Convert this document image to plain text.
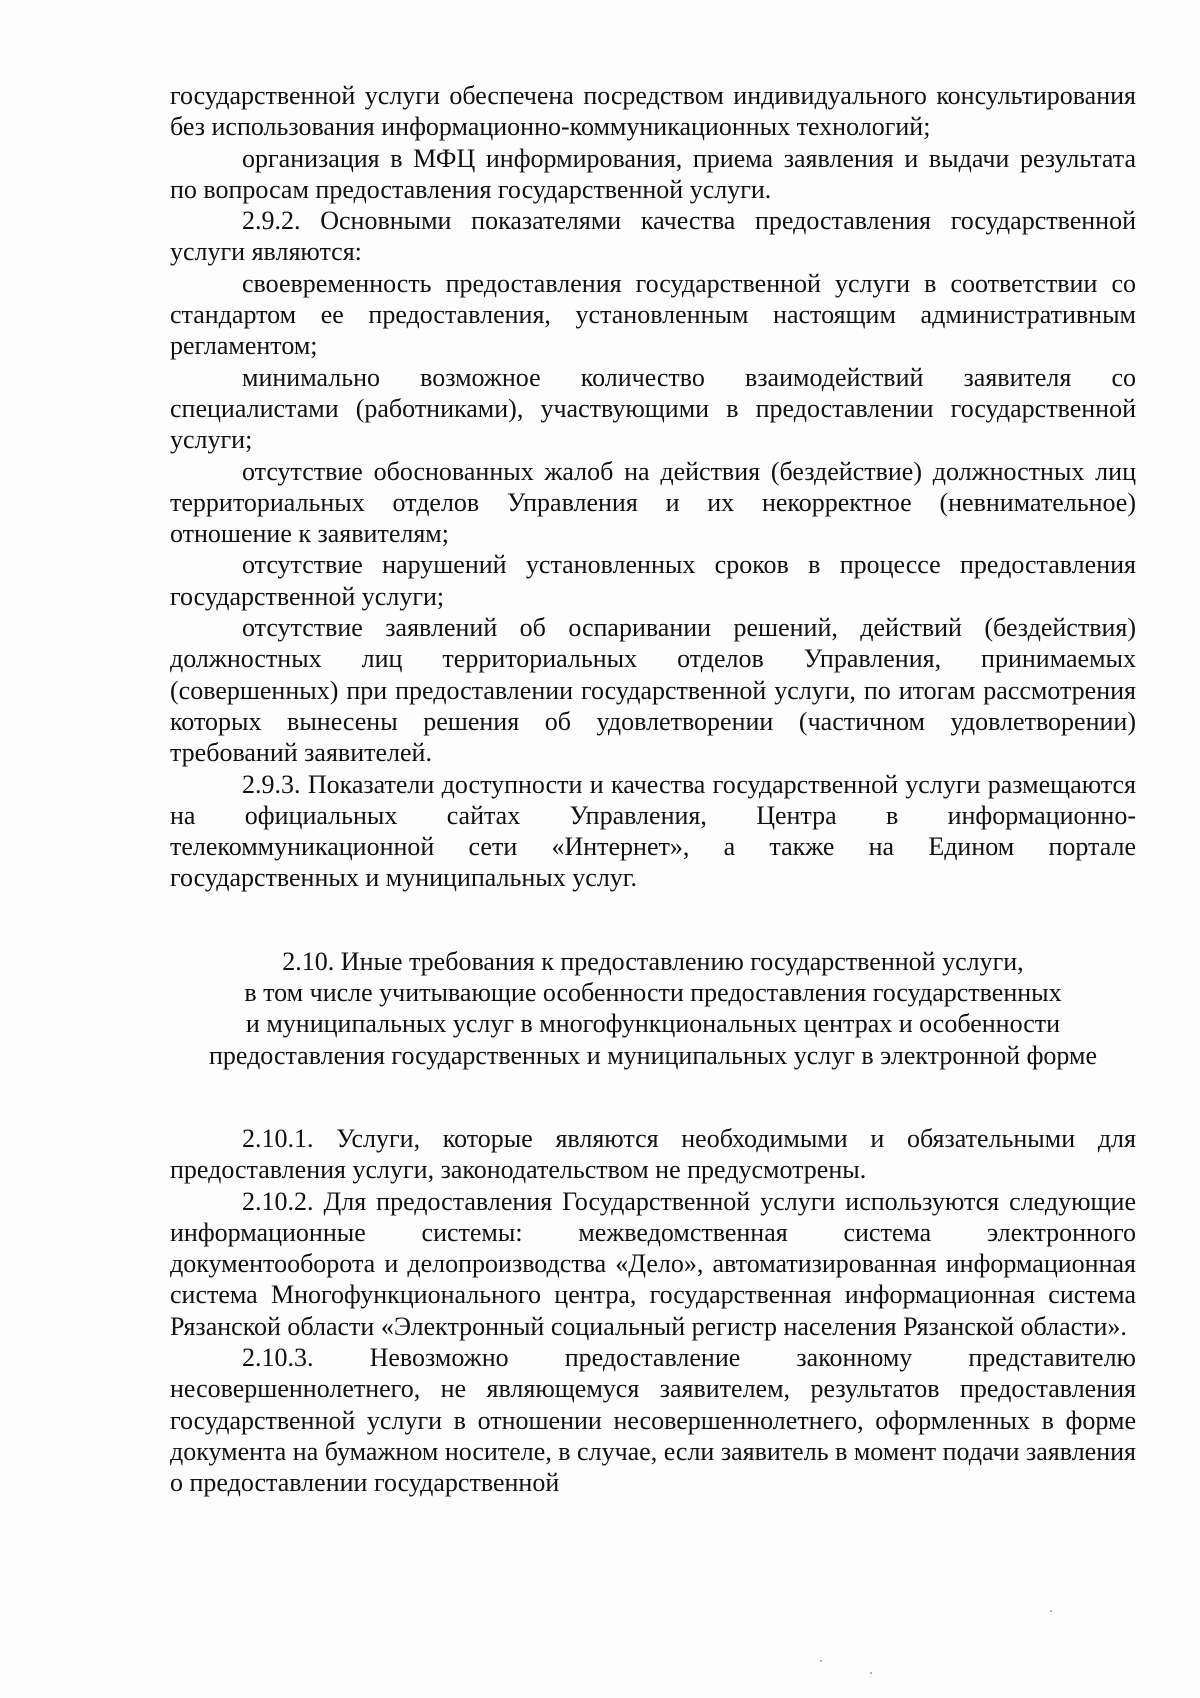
государственной услуги обеспечена посредством индивидуального консультирования без использования информационно-коммуникационных технологий;

организация в МФЦ информирования, приема заявления и выдачи результата по вопросам предоставления государственной услуги.

2.9.2. Основными показателями качества предоставления государственной услуги являются:

своевременность предоставления государственной услуги в соответствии со стандартом ее предоставления, установленным настоящим административным регламентом;

минимально возможное количество взаимодействий заявителя со специалистами (работниками), участвующими в предоставлении государственной услуги;

отсутствие обоснованных жалоб на действия (бездействие) должностных лиц территориальных отделов Управления и их некорректное (невнимательное) отношение к заявителям;

отсутствие нарушений установленных сроков в процессе предоставления государственной услуги;

отсутствие заявлений об оспаривании решений, действий (бездействия) должностных лиц территориальных отделов Управления, принимаемых (совершенных) при предоставлении государственной услуги, по итогам рассмотрения которых вынесены решения об удовлетворении (частичном удовлетворении) требований заявителей.

2.9.3. Показатели доступности и качества государственной услуги размещаются на официальных сайтах Управления, Центра в информационно-телекоммуникационной сети «Интернет», а также на Едином портале государственных и муниципальных услуг.

2.10. Иные требования к предоставлению государственной услуги,
в том числе учитывающие особенности предоставления государственных
и муниципальных услуг в многофункциональных центрах и особенности
предоставления государственных и муниципальных услуг в электронной форме

2.10.1. Услуги, которые являются необходимыми и обязательными для предоставления услуги, законодательством не предусмотрены.

2.10.2. Для предоставления Государственной услуги используются следующие информационные системы: межведомственная система электронного документооборота и делопроизводства «Дело», автоматизированная информационная система Многофункционального центра, государственная информационная система Рязанской области «Электронный социальный регистр населения Рязанской области».

2.10.3. Невозможно предоставление законному представителю несовершеннолетнего, не являющемуся заявителем, результатов предоставления государственной услуги в отношении несовершеннолетнего, оформленных в форме документа на бумажном носителе, в случае, если заявитель в момент подачи заявления о предоставлении государственной
